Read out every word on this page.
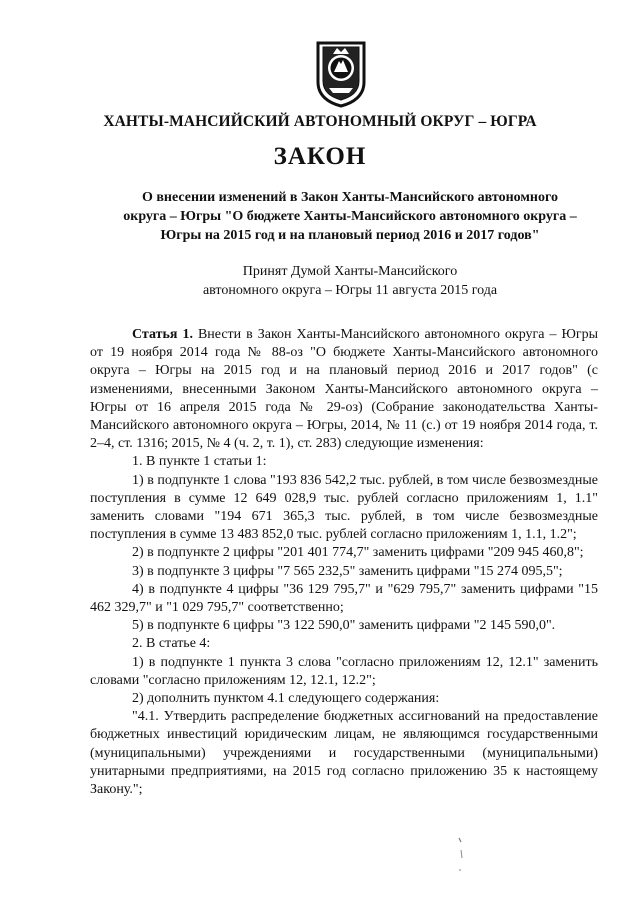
ХАНТЫ-МАНСИЙСКИЙ АВТОНОМНЫЙ ОКРУГ – ЮГРА
ЗАКОН
О внесении изменений в Закон Ханты-Мансийского автономного
округа – Югры "О бюджете Ханты-Мансийского автономного округа –
Югры на 2015 год и на плановый период 2016 и 2017 годов"
Принят Думой Ханты-Мансийского
автономного округа – Югры 11 августа 2015 года

Статья 1. Внести в Закон Ханты-Мансийского автономного округа – Югры от 19 ноября 2014 года № 88-оз "О бюджете Ханты-Мансийского автономного округа – Югры на 2015 год и на плановый период 2016 и 2017 годов" (с изменениями, внесенными Законом Ханты-Мансийского автономного округа – Югры от 16 апреля 2015 года № 29-оз) (Собрание законодательства Ханты-Мансийского автономного округа – Югры, 2014, № 11 (с.) от 19 ноября 2014 года, т. 2–4, ст. 1316; 2015, № 4 (ч. 2, т. 1), ст. 283) следующие изменения:

1. В пункте 1 статьи 1:

1) в подпункте 1 слова "193 836 542,2 тыс. рублей, в том числе безвозмездные поступления в сумме 12 649 028,9 тыс. рублей согласно приложениям 1, 1.1" заменить словами "194 671 365,3 тыс. рублей, в том числе безвозмездные поступления в сумме 13 483 852,0 тыс. рублей согласно приложениям 1, 1.1, 1.2";

2) в подпункте 2 цифры "201 401 774,7" заменить цифрами "209 945 460,8";

3) в подпункте 3 цифры "7 565 232,5" заменить цифрами "15 274 095,5";

4) в подпункте 4 цифры "36 129 795,7" и "629 795,7" заменить цифрами "15 462 329,7" и "1 029 795,7" соответственно;

5) в подпункте 6 цифры "3 122 590,0" заменить цифрами "2 145 590,0".

2. В статье 4:

1) в подпункте 1 пункта 3 слова "согласно приложениям 12, 12.1" заменить словами "согласно приложениям 12, 12.1, 12.2";

2) дополнить пунктом 4.1 следующего содержания:

"4.1. Утвердить распределение бюджетных ассигнований на предоставление бюджетных инвестиций юридическим лицам, не являющимся государственными (муниципальными) учреждениями и государственными (муниципальными) унитарными предприятиями, на 2015 год согласно приложению 35 к настоящему Закону.";
